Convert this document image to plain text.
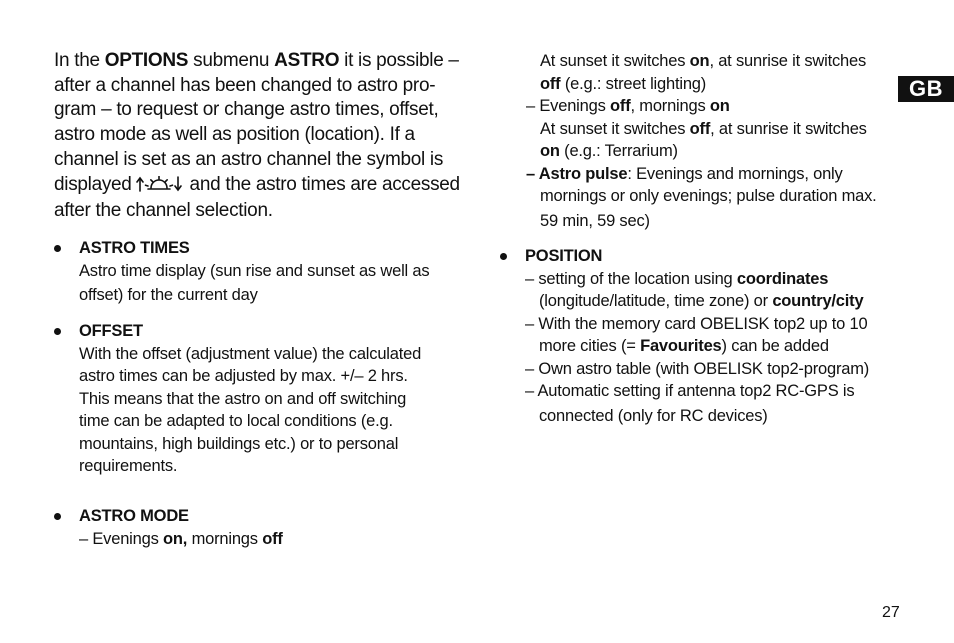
In the OPTIONS submenu ASTRO it is possible –
after a channel has been changed to astro pro-
gram – to request or change astro times, offset,
astro mode as well as position (location). If a
channel is set as an astro channel the symbol is
displayed	and the astro times are accessed
after the channel selection.
ASTRO TIMES
Astro time display (sun rise and sunset as well as
offset) for the current day
OFFSET
With the offset (adjustment value) the calculated
astro times can be adjusted by max. +/– 2 hrs.
This means that the astro on and off switching
time can be adapted to local conditions (e.g.
mountains, high buildings etc.) or to personal
requirements.
ASTRO MODE
– Evenings on, mornings off
At sunset it switches on, at sunrise it switches
off (e.g.: street lighting)
– Evenings off, mornings on
At sunset it switches off, at sunrise it switches
on (e.g.: Terrarium)
– Astro pulse: Evenings and mornings, only
mornings or only evenings; pulse duration max.
59 min, 59 sec)
POSITION
– setting of the location using coordinates
(longitude/latitude, time zone) or country/city
– With the memory card OBELISK top2 up to 10
more cities (= Favourites) can be added
– Own astro table (with OBELISK top2-program)
– Automatic setting if antenna top2 RC-GPS is
connected (only for RC devices)
GB
27
